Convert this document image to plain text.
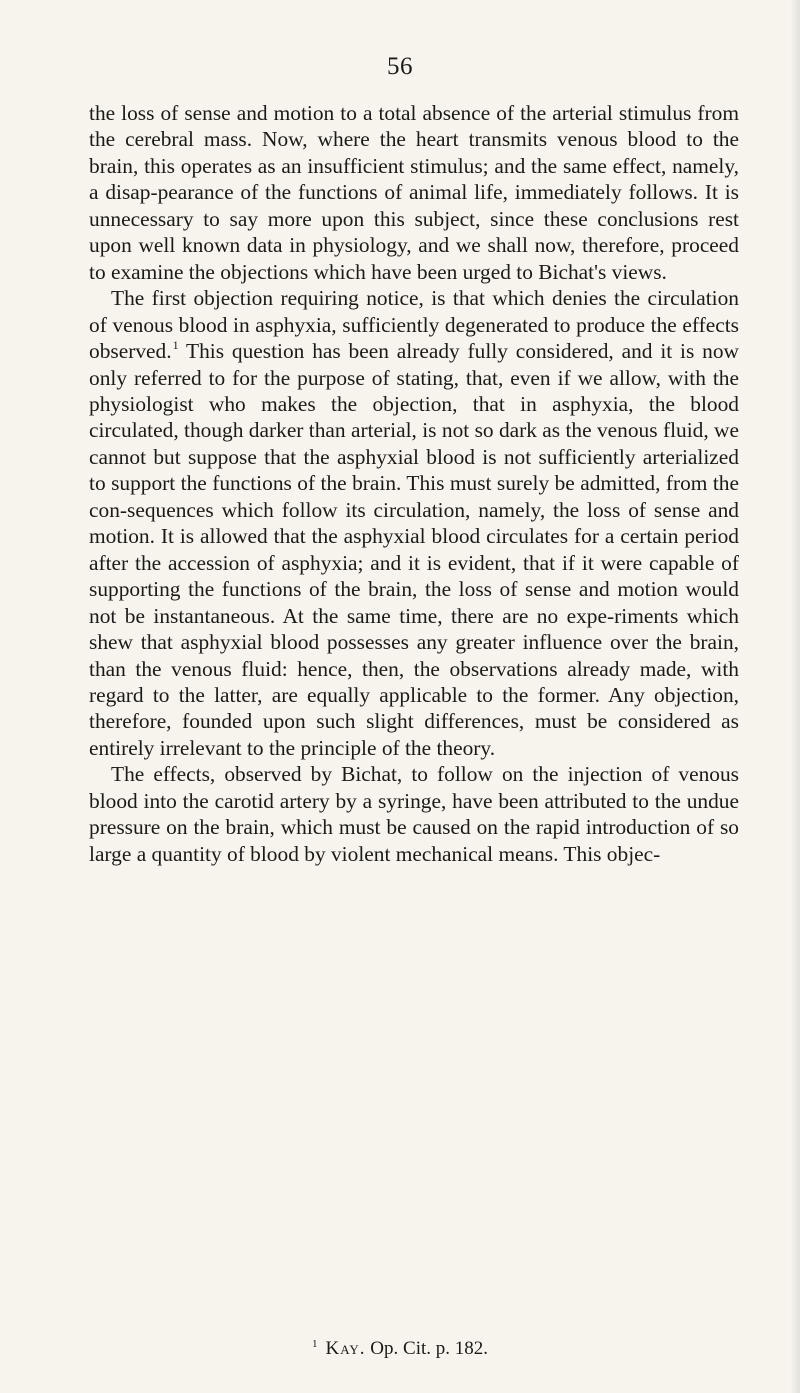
56

the loss of sense and motion to a total absence of the arterial stimulus from the cerebral mass. Now, where the heart transmits venous blood to the brain, this operates as an insufficient stimulus; and the same effect, namely, a disap-pearance of the functions of animal life, immediately follows. It is unnecessary to say more upon this subject, since these conclusions rest upon well known data in physiology, and we shall now, therefore, proceed to examine the objections which have been urged to Bichat's views.

The first objection requiring notice, is that which denies the circulation of venous blood in asphyxia, sufficiently degenerated to produce the effects observed.$^1$ This question has been already fully considered, and it is now only referred to for the purpose of stating, that, even if we allow, with the physiologist who makes the objection, that in asphyxia, the blood circulated, though darker than arterial, is not so dark as the venous fluid, we cannot but suppose that the asphyxial blood is not sufficiently arterialized to support the functions of the brain. This must surely be admitted, from the con-sequences which follow its circulation, namely, the loss of sense and motion. It is allowed that the asphyxial blood circulates for a certain period after the accession of asphyxia; and it is evident, that if it were capable of supporting the functions of the brain, the loss of sense and motion would not be instantaneous. At the same time, there are no expe-riments which shew that asphyxial blood possesses any greater influence over the brain, than the venous fluid: hence, then, the observations already made, with regard to the latter, are equally applicable to the former. Any objection, therefore, founded upon such slight differences, must be considered as entirely irrelevant to the principle of the theory.

The effects, observed by Bichat, to follow on the injection of venous blood into the carotid artery by a syringe, have been attributed to the undue pressure on the brain, which must be caused on the rapid introduction of so large a quantity of blood by violent mechanical means. This objec-

$^1$ Kay. Op. Cit. p. 182.
